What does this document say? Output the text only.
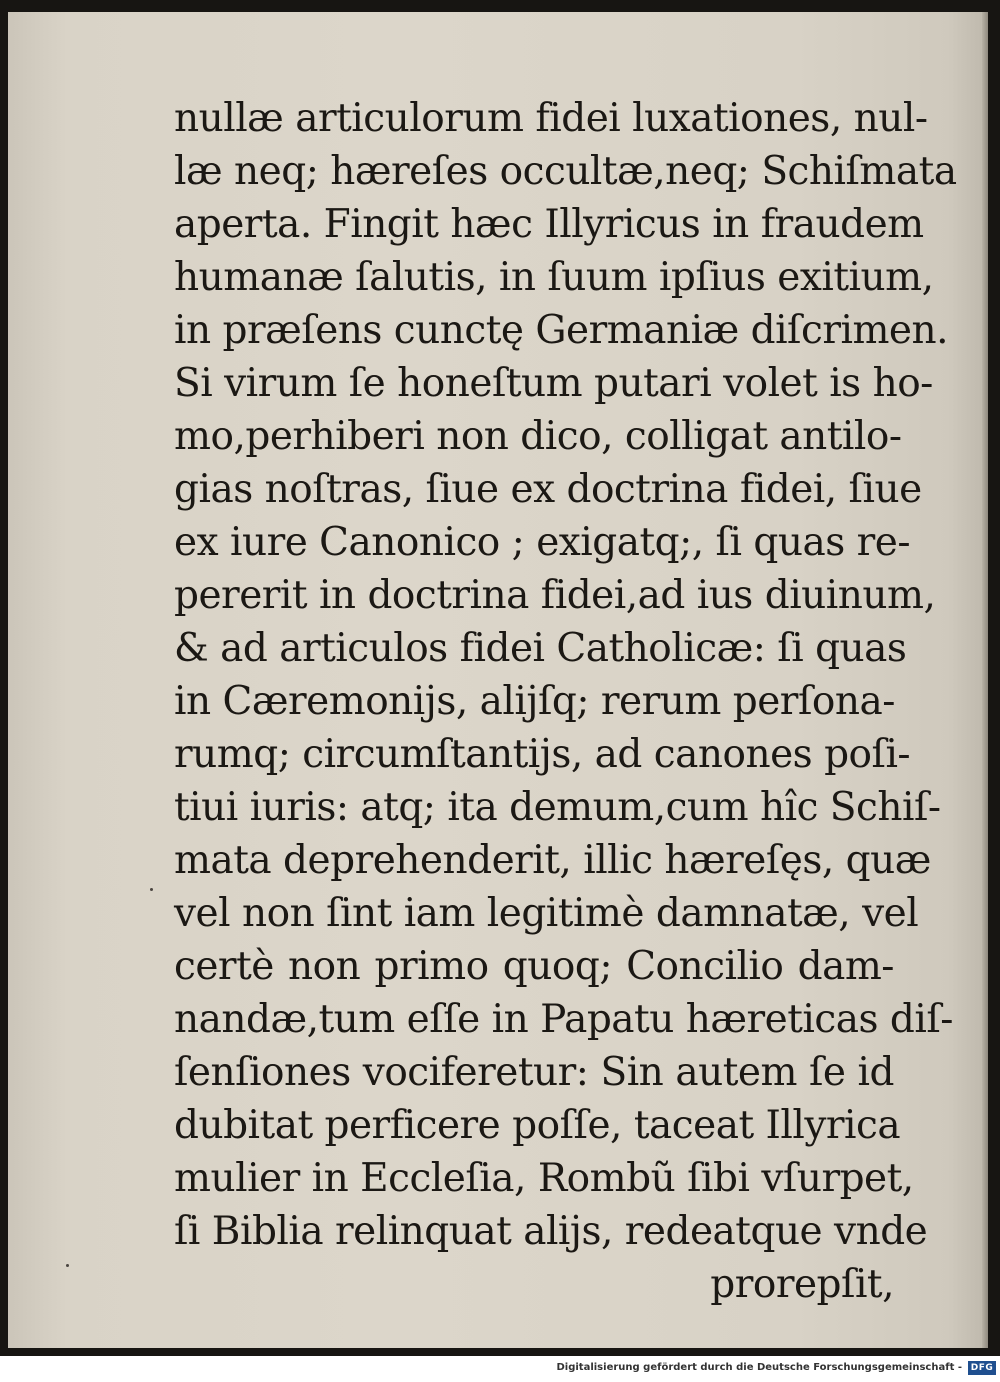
nullæ articulorum fidei luxationes, nul-
læ neq; hæreſes occultæ,neq; Schiſmata
aperta. Fingit hæc Illyricus in fraudem
humanæ ſalutis, in ſuum ipſius exitium,
in præſens cunctę Germaniæ diſcrimen.
Si virum ſe honeſtum putari volet is ho-
mo,perhiberi non dico, colligat antilo-
gias noſtras, ſiue ex doctrina fidei, ſiue
ex iure Canonico ; exigatq;, ſi quas re-
pererit in doctrina fidei,ad ius diuinum,
& ad articulos fidei Catholicæ: ſi quas
in Cæremonijs, alijſq; rerum perſona-
rumq; circumſtantijs, ad canones poſi-
tiui iuris: atq; ita demum,cum hîc Schiſ-
mata deprehenderit, illic hæreſęs, quæ
vel non ſint iam legitimè damnatæ, vel
certè non primo quoq; Concilio dam-
nandæ,tum eſſe in Papatu hæreticas diſ-
ſenſiones vociferetur: Sin autem ſe id
dubitat perficere poſſe, taceat Illyrica
mulier in Eccleſia, Rombũ ſibi vſurpet,
ſi Biblia relinquat alijs, redeatque vnde
prorepſit,
Digitalisierung gefördert durch die Deutsche Forschungsgemeinschaft - DFG
